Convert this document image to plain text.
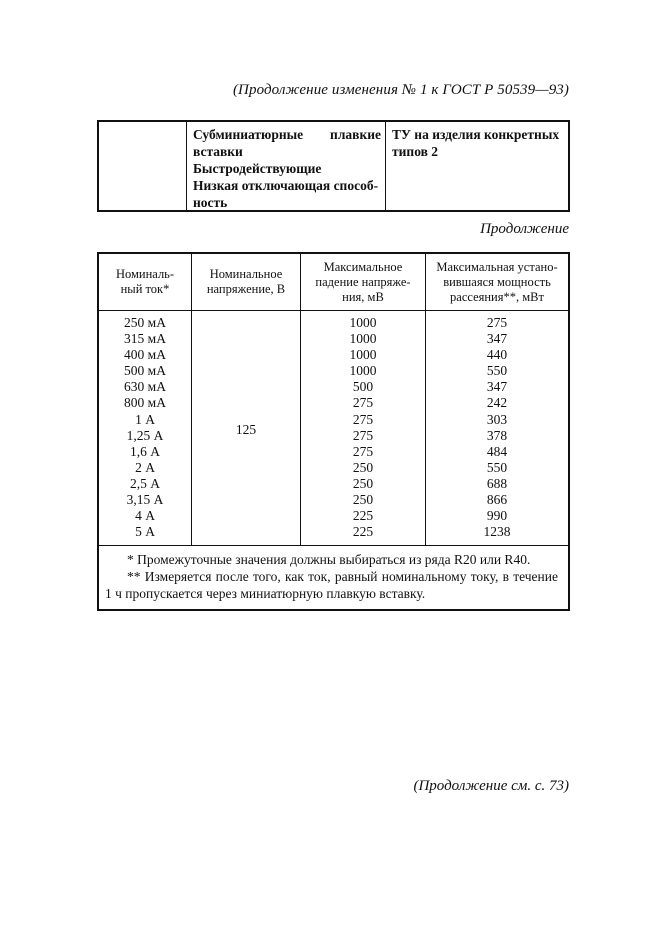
(Продолжение изменения № 1 к ГОСТ Р 50539—93)
Субминиатюрные плавкие
вставки
Быстродействующие
Низкая отключающая способ-
ность
ТУ на изделия конкретных
типов 2
Продолжение
Номиналь-
ный ток*
Номинальное
напряжение, В
Максимальное
падение напряже-
ния, мВ
Максимальная устано-
вившаяся мощность
рассеяния**, мВт
250 мА
315 мА
400 мА
500 мА
630 мА
800 мА
1 А
1,25 А
1,6 А
2 А
2,5 А
3,15 А
4 А
5 А
125
1000
1000
1000
1000
500
275
275
275
275
250
250
250
225
225
275
347
440
550
347
242
303
378
484
550
688
866
990
1238

* Промежуточные значения должны выбираться из ряда R20 или R40.

** Измеряется после того, как ток, равный номинальному току, в течение 1 ч пропускается через миниатюрную плавкую вставку.

(Продолжение см. с. 73)
